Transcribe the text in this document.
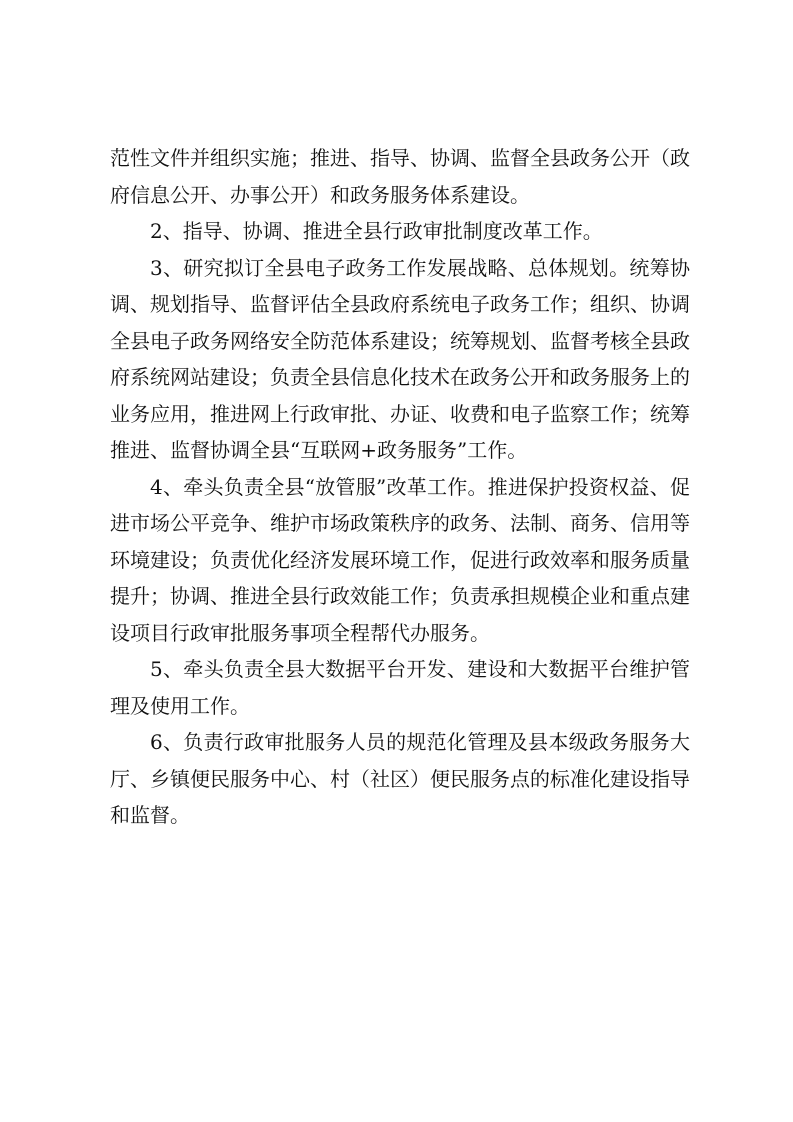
范性文件并组织实施；推进、指导、协调、监督全县政务公开（政府信息公开、办事公开）和政务服务体系建设。

2、指导、协调、推进全县行政审批制度改革工作。

3、研究拟订全县电子政务工作发展战略、总体规划。统筹协调、规划指导、监督评估全县政府系统电子政务工作；组织、协调全县电子政务网络安全防范体系建设；统筹规划、监督考核全县政府系统网站建设；负责全县信息化技术在政务公开和政务服务上的业务应用，推进网上行政审批、办证、收费和电子监察工作；统筹推进、监督协调全县“互联网+政务服务”工作。

4、牵头负责全县“放管服”改革工作。推进保护投资权益、促进市场公平竞争、维护市场政策秩序的政务、法制、商务、信用等环境建设；负责优化经济发展环境工作，促进行政效率和服务质量提升；协调、推进全县行政效能工作；负责承担规模企业和重点建设项目行政审批服务事项全程帮代办服务。

5、牵头负责全县大数据平台开发、建设和大数据平台维护管理及使用工作。

6、负责行政审批服务人员的规范化管理及县本级政务服务大厅、乡镇便民服务中心、村（社区）便民服务点的标准化建设指导和监督。
